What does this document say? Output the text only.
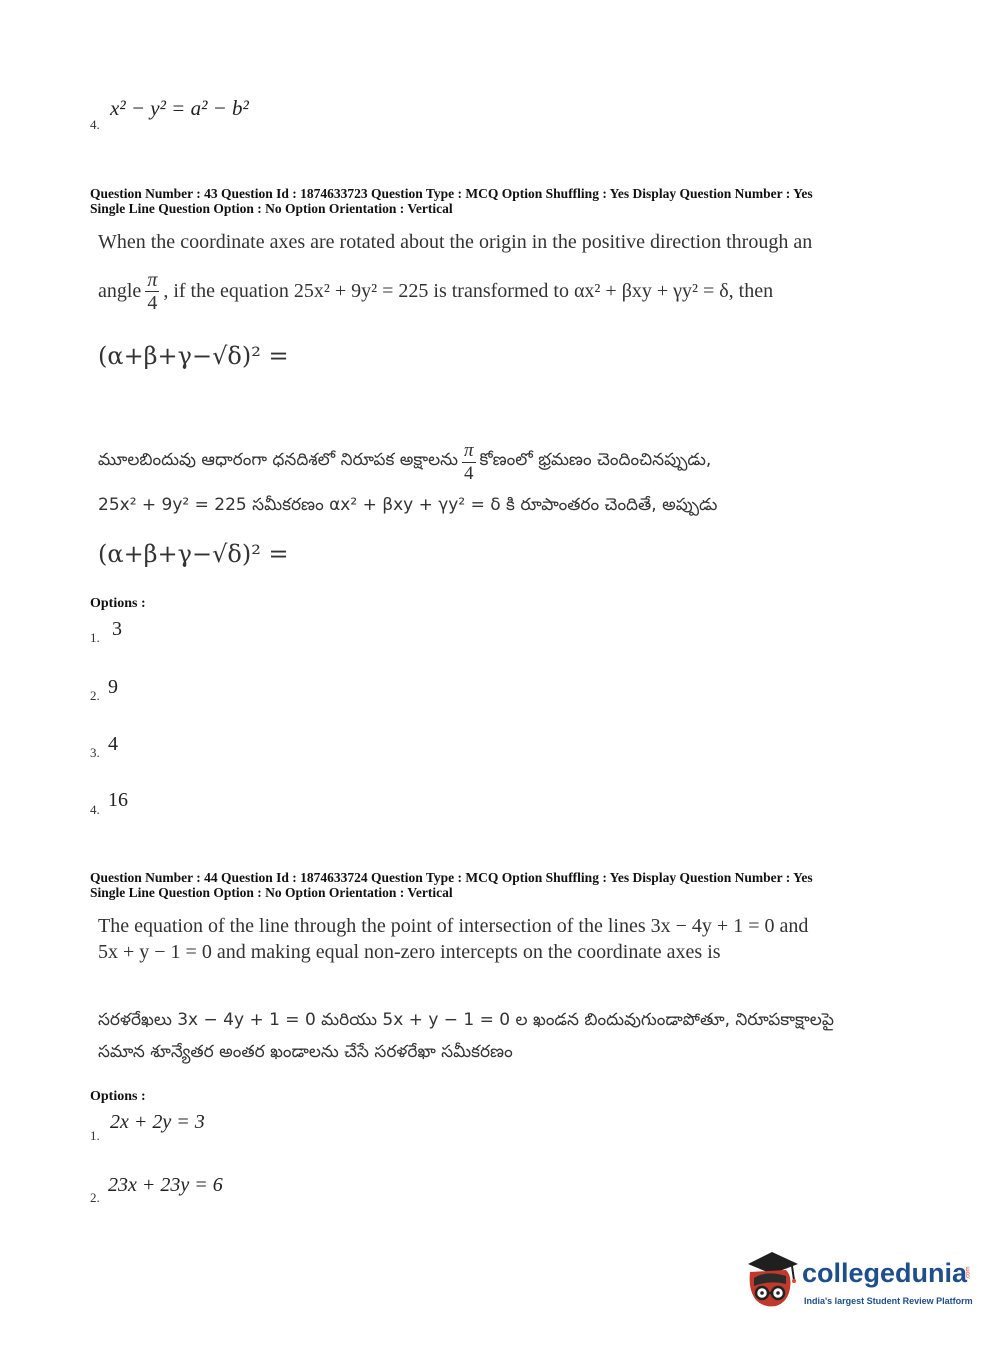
x² − y² = a² − b²
4.
Question Number : 43 Question Id : 1874633723 Question Type : MCQ Option Shuffling : Yes Display Question Number : Yes
Single Line Question Option : No Option Orientation : Vertical
When the coordinate axes are rotated about the origin in the positive direction through an
angle $\frac{\pi}{4}$ , if the equation 25x² + 9y² = 225 is transformed to αx² + βxy + γy² = δ, then
(α+β+γ−√δ)² =
మూలబిందువు ఆధారంగా ధనదిశలో నిరూపక అక్షాలను $\frac{\pi}{4}$ కోణంలో భ్రమణం చెందించినప్పుడు,
25x² + 9y² = 225 సమీకరణం αx² + βxy + γy² = δ కి రూపాంతరం చెందితే, అప్పుడు
(α+β+γ−√δ)² =
Options :
1. 3
2. 9
3. 4
4. 16
Question Number : 44 Question Id : 1874633724 Question Type : MCQ Option Shuffling : Yes Display Question Number : Yes
Single Line Question Option : No Option Orientation : Vertical
The equation of the line through the point of intersection of the lines 3x − 4y + 1 = 0 and
5x + y − 1 = 0 and making equal non-zero intercepts on the coordinate axes is
సరళరేఖలు 3x − 4y + 1 = 0 మరియు 5x + y − 1 = 0 ల ఖండన బిందువుగుండాపోతూ, నిరూపకాక్షాలపై
సమాన శూన్యేతర అంతర ఖండాలను చేసే సరళరేఖా సమీకరణం
Options :
1.
2x + 2y = 3
2.
23x + 23y = 6
collegedunia
.com
India's largest Student Review Platform
